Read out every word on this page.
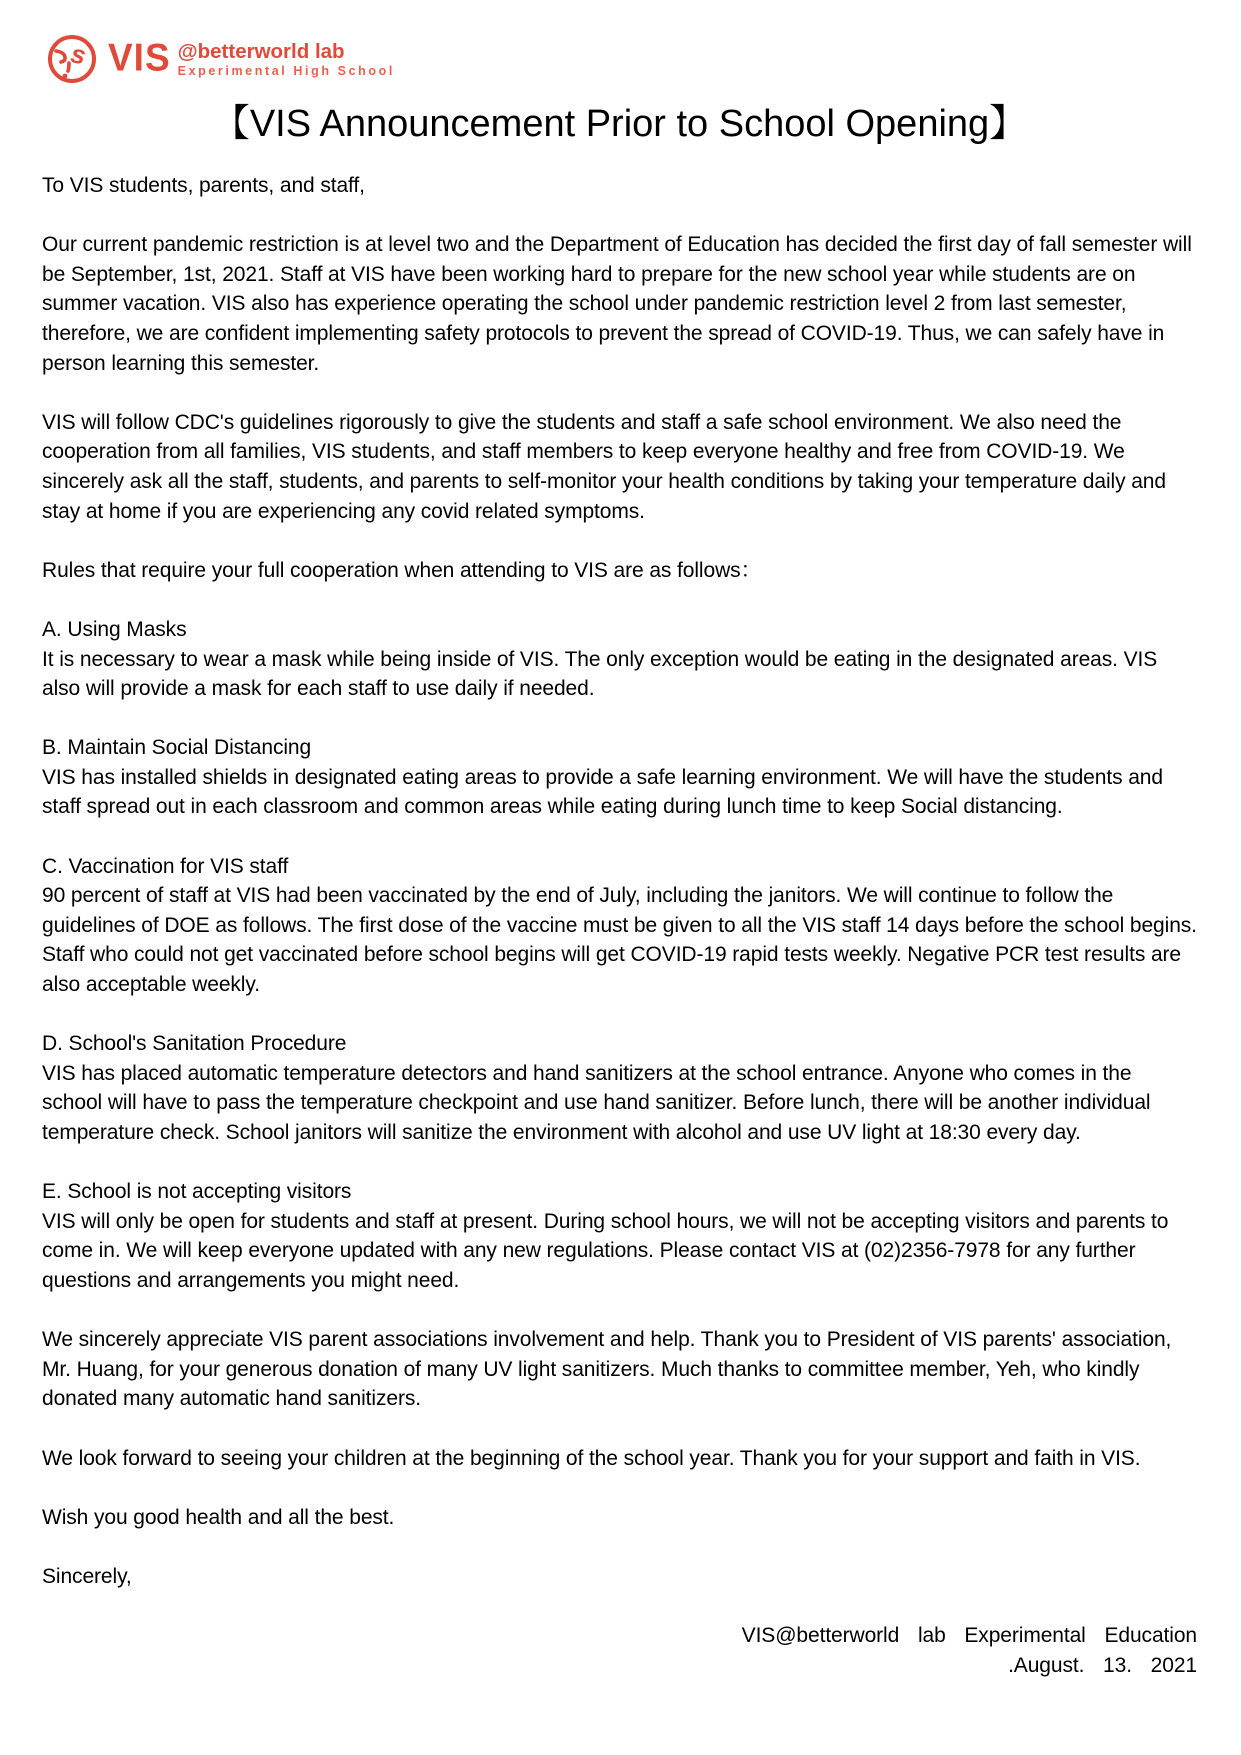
s VIS @betterworld lab
Experimental High School
【VIS Announcement Prior to School Opening】

To VIS students, parents, and staff,

Our current pandemic restriction is at level two and the Department of Education has decided the first day of fall semester will be September, 1st, 2021. Staff at VIS have been working hard to prepare for the new school year while students are on summer vacation. VIS also has experience operating the school under pandemic restriction level 2 from last semester, therefore, we are confident implementing safety protocols to prevent the spread of COVID-19. Thus, we can safely have in person learning this semester.

VIS will follow CDC's guidelines rigorously to give the students and staff a safe school environment. We also need the cooperation from all families, VIS students, and staff members to keep everyone healthy and free from COVID-19. We sincerely ask all the staff, students, and parents to self-monitor your health conditions by taking your temperature daily and stay at home if you are experiencing any covid related symptoms.

Rules that require your full cooperation when attending to VIS are as follows：

A. Using Masks
It is necessary to wear a mask while being inside of VIS. The only exception would be eating in the designated areas. VIS also will provide a mask for each staff to use daily if needed.
B. Maintain Social Distancing
VIS has installed shields in designated eating areas to provide a safe learning environment. We will have the students and staff spread out in each classroom and common areas while eating during lunch time to keep Social distancing.
C. Vaccination for VIS staff
90 percent of staff at VIS had been vaccinated by the end of July, including the janitors. We will continue to follow the guidelines of DOE as follows. The first dose of the vaccine must be given to all the VIS staff 14 days before the school begins. Staff who could not get vaccinated before school begins will get COVID-19 rapid tests weekly. Negative PCR test results are also acceptable weekly.
D. School's Sanitation Procedure
VIS has placed automatic temperature detectors and hand sanitizers at the school entrance. Anyone who comes in the school will have to pass the temperature checkpoint and use hand sanitizer. Before lunch, there will be another individual temperature check. School janitors will sanitize the environment with alcohol and use UV light at 18:30 every day.
E. School is not accepting visitors
VIS will only be open for students and staff at present. During school hours, we will not be accepting visitors and parents to come in. We will keep everyone updated with any new regulations. Please contact VIS at (02)2356-7978 for any further questions and arrangements you might need.

We sincerely appreciate VIS parent associations involvement and help. Thank you to President of VIS parents' association, Mr. Huang, for your generous donation of many UV light sanitizers. Much thanks to committee member, Yeh, who kindly donated many automatic hand sanitizers.

We look forward to seeing your children at the beginning of the school year. Thank you for your support and faith in VIS.

Wish you good health and all the best.

Sincerely,

VIS@betterworld lab Experimental Education
.August. 13. 2021
